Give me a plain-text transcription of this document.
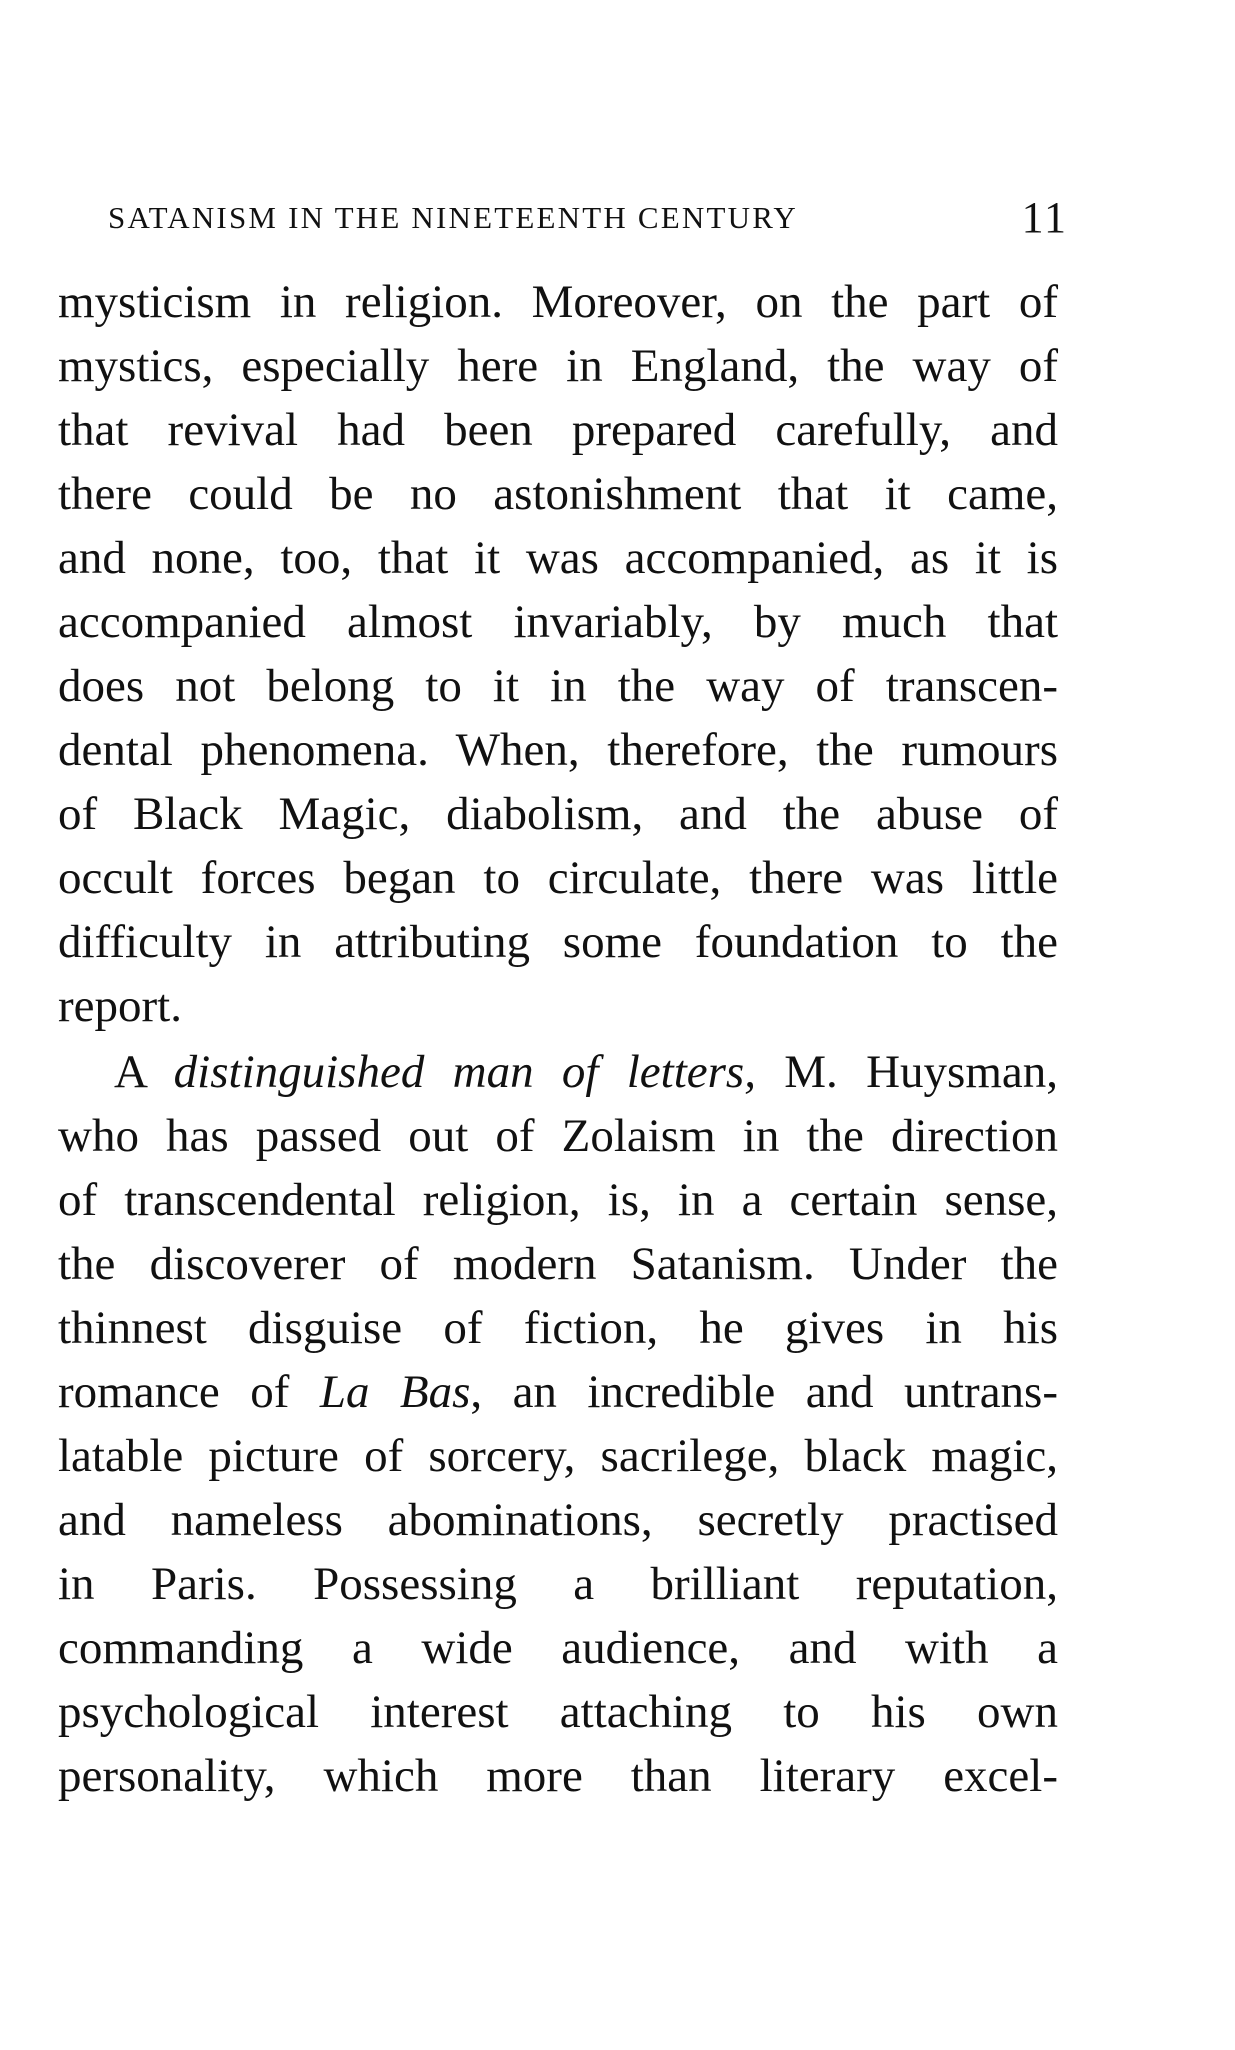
SATANISM IN THE NINETEENTH CENTURY	11
mysticism in religion. Moreover, on the part of
mystics, especially here in England, the way of
that revival had been prepared carefully, and
there could be no astonishment that it came,
and none, too, that it was accompanied, as it is
accompanied almost invariably, by much that
does not belong to it in the way of transcen-
dental phenomena. When, therefore, the rumours
of Black Magic, diabolism, and the abuse of
occult forces began to circulate, there was little
difficulty in attributing some foundation to the
report.
A distinguished man of letters, M. Huysman,
who has passed out of Zolaism in the direction
of transcendental religion, is, in a certain sense,
the discoverer of modern Satanism. Under the
thinnest disguise of fiction, he gives in his
romance of La Bas, an incredible and untrans-
latable picture of sorcery, sacrilege, black magic,
and nameless abominations, secretly practised
in Paris. Possessing a brilliant reputation,
commanding a wide audience, and with a
psychological interest attaching to his own
personality, which more than literary excel-
